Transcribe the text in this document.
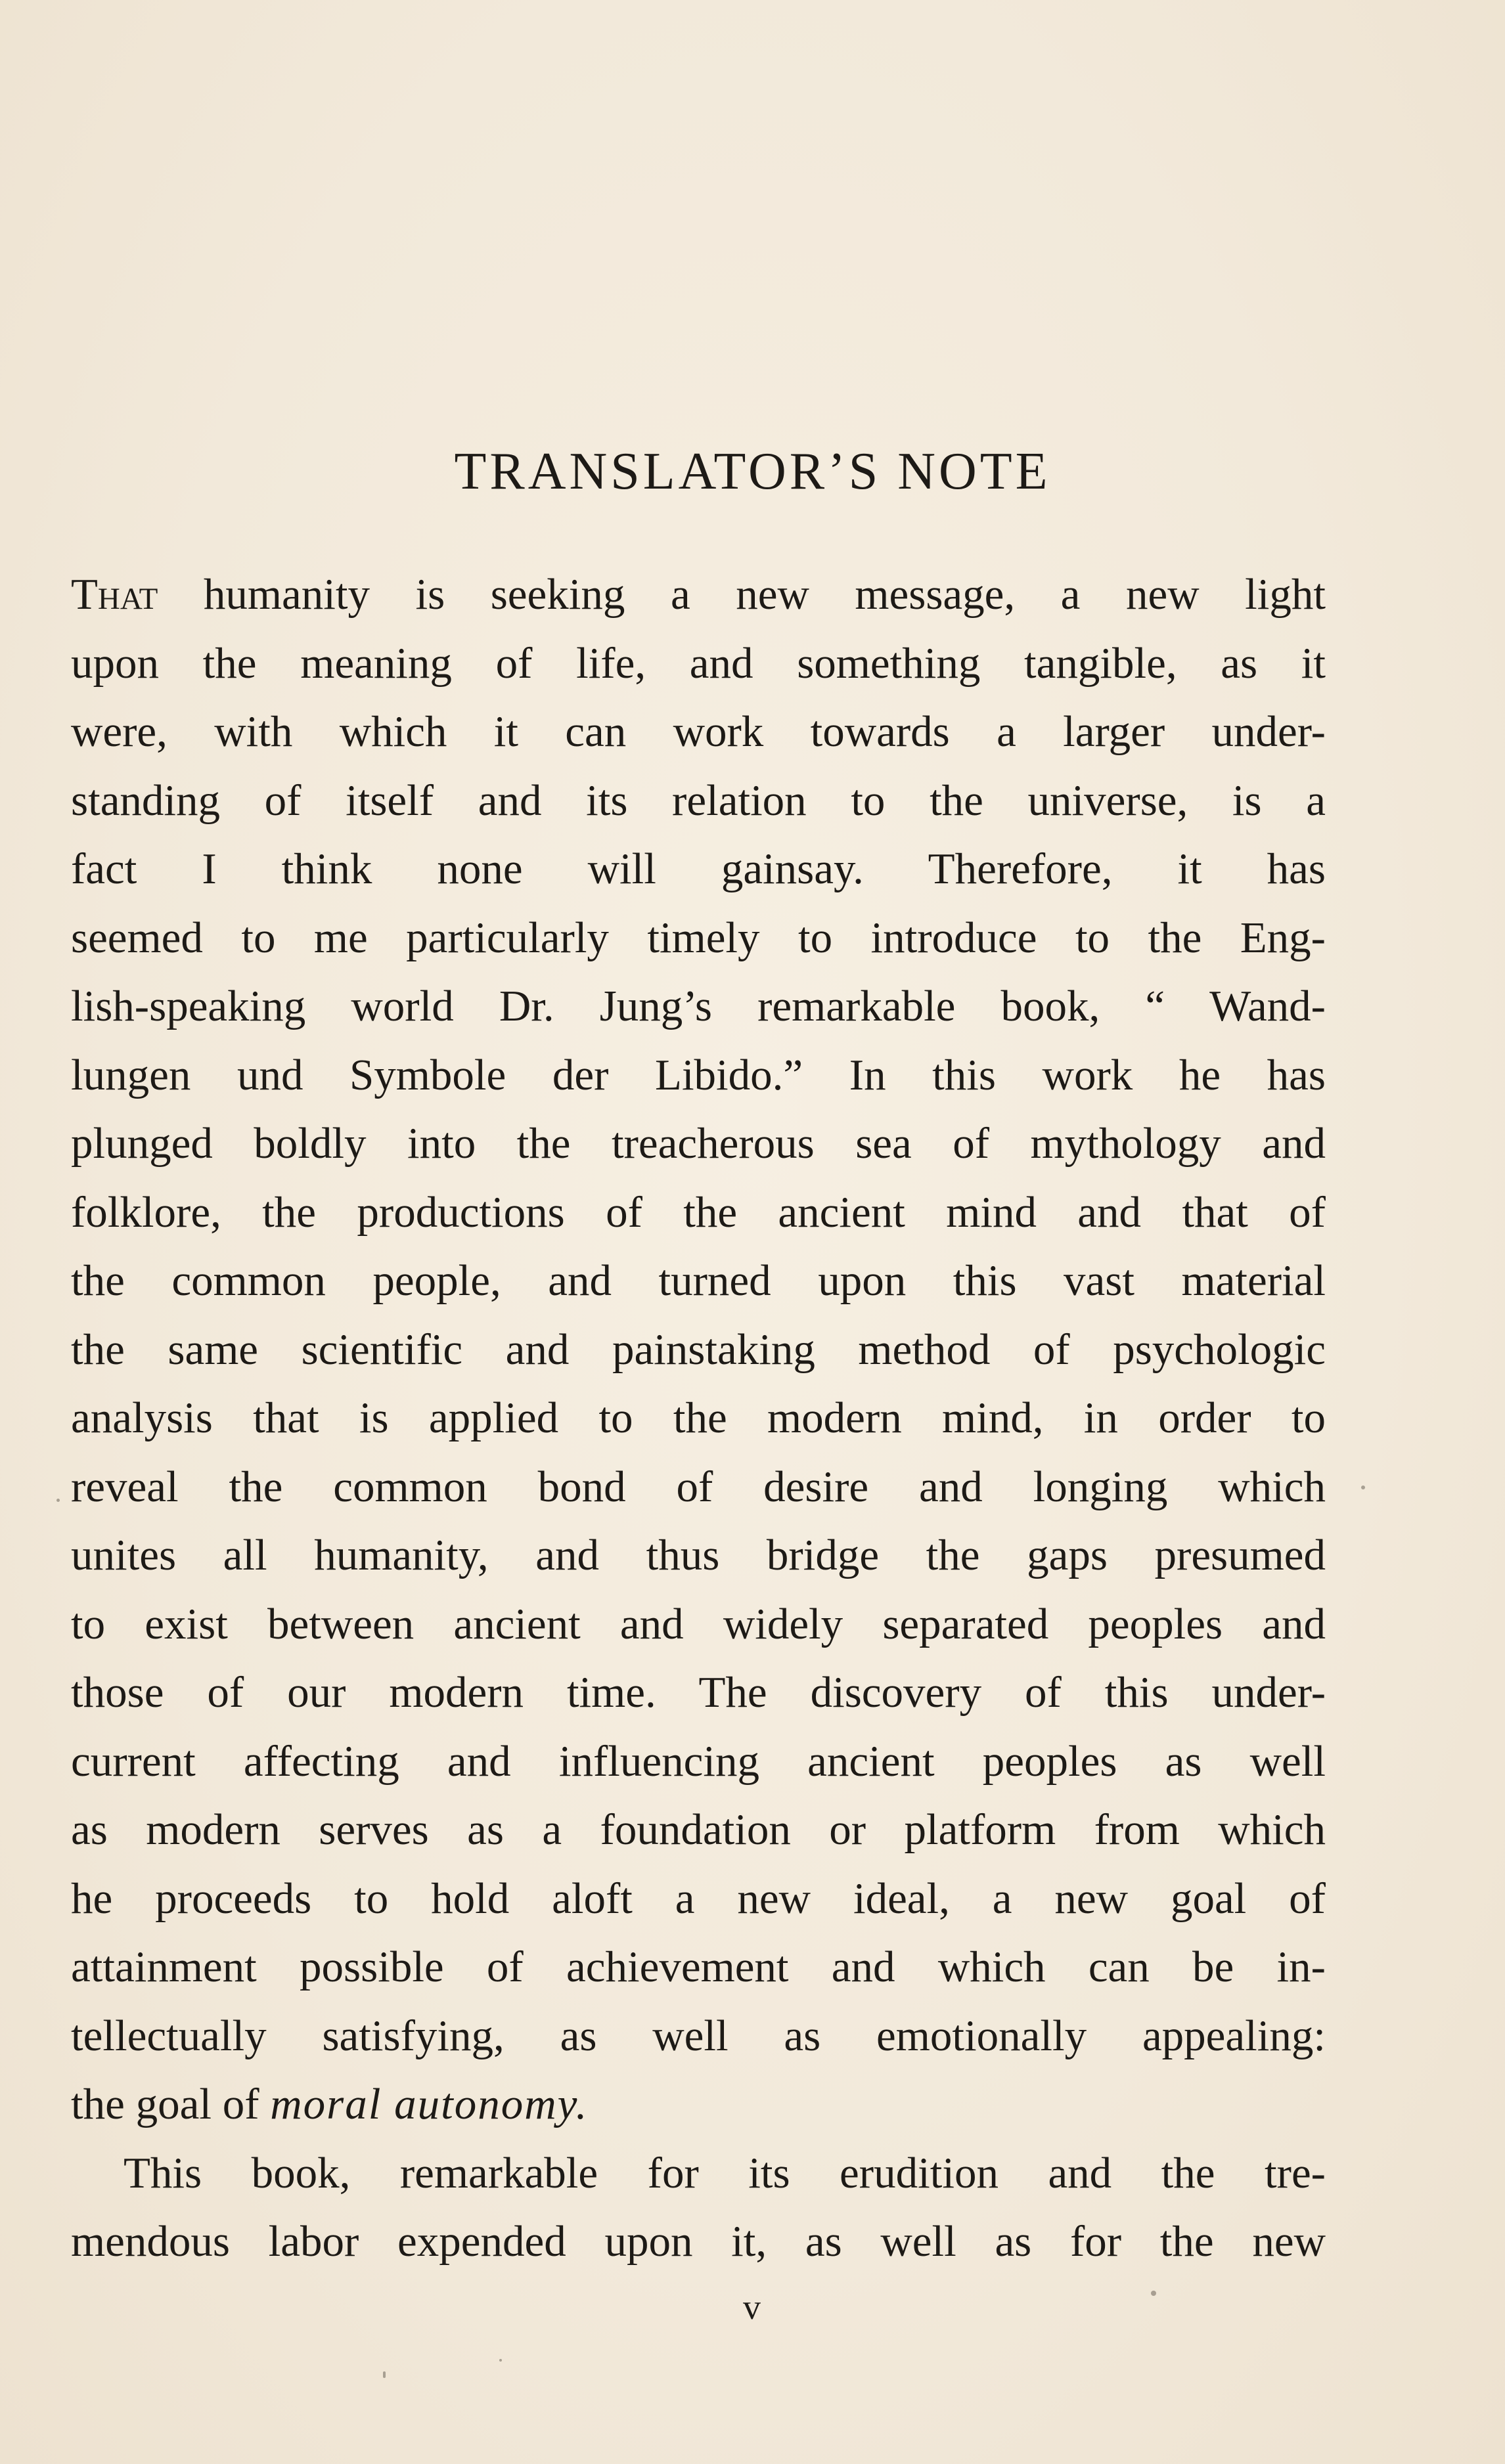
TRANSLATOR’S NOTE
That humanity is seeking a new message, a new light
upon the meaning of life, and something tangible, as it
were, with which it can work towards a larger under-
standing of itself and its relation to the universe, is a
fact I think none will gainsay. Therefore, it has
seemed to me particularly timely to introduce to the Eng-
lish-speaking world Dr. Jung’s remarkable book, “ Wand-
lungen und Symbole der Libido.” In this work he has
plunged boldly into the treacherous sea of mythology and
folklore, the productions of the ancient mind and that of
the common people, and turned upon this vast material
the same scientific and painstaking method of psychologic
analysis that is applied to the modern mind, in order to
reveal the common bond of desire and longing which
unites all humanity, and thus bridge the gaps presumed
to exist between ancient and widely separated peoples and
those of our modern time. The discovery of this under-
current affecting and influencing ancient peoples as well
as modern serves as a foundation or platform from which
he proceeds to hold aloft a new ideal, a new goal of
attainment possible of achievement and which can be in-
tellectually satisfying, as well as emotionally appealing:
the goal of moral autonomy.
This book, remarkable for its erudition and the tre-
mendous labor expended upon it, as well as for the new
v
